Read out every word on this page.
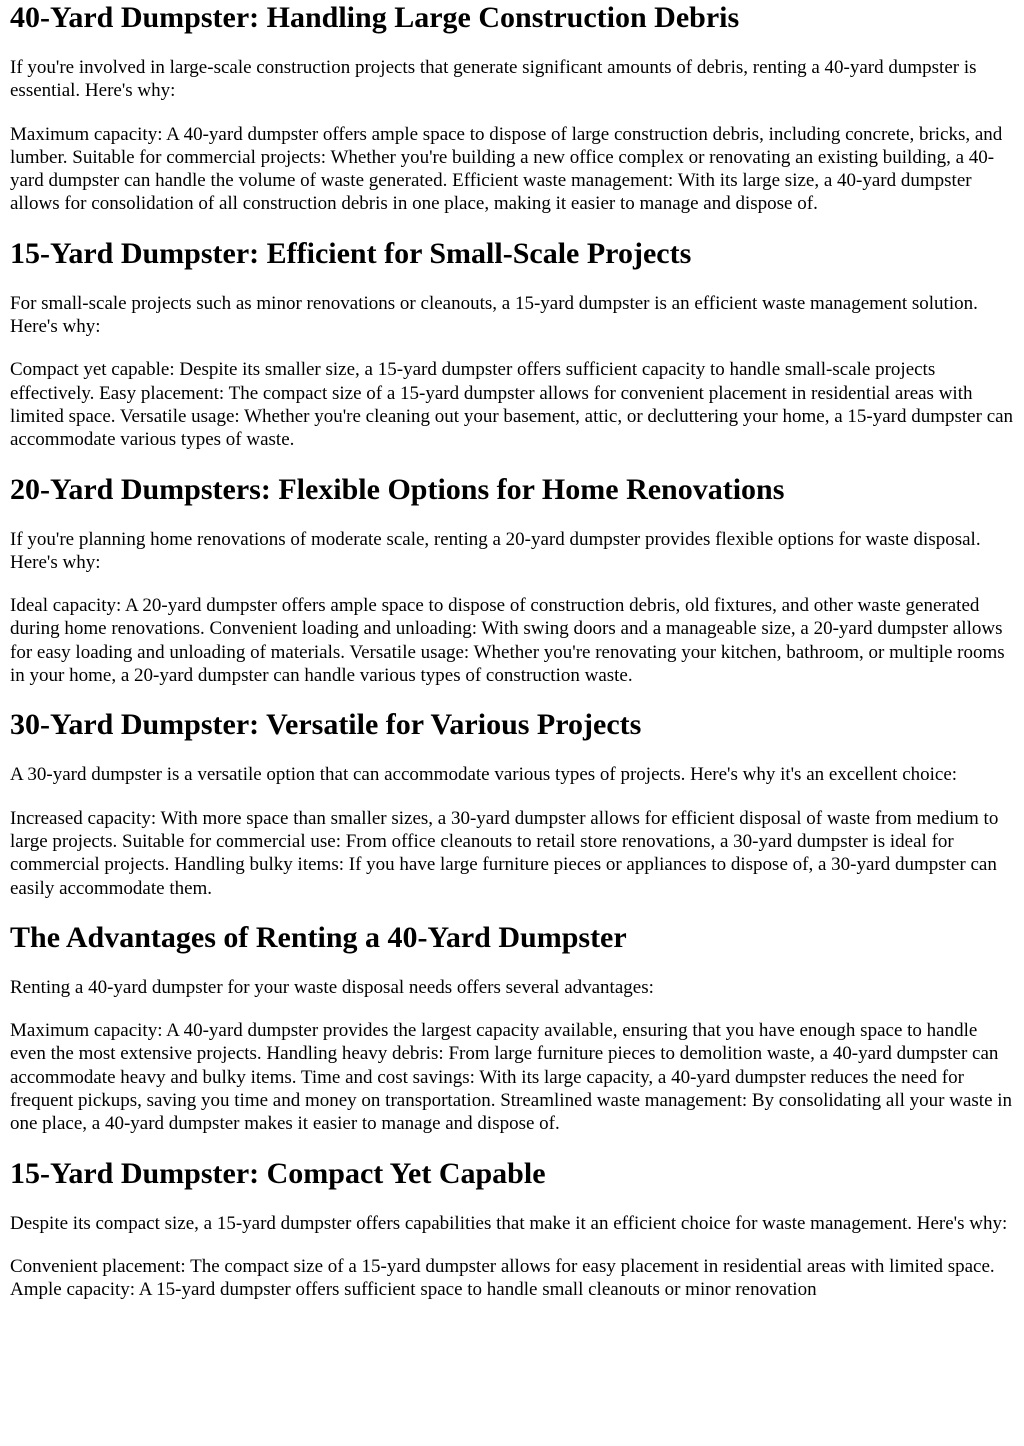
40-Yard Dumpster: Handling Large Construction Debris

If you're involved in large-scale construction projects that generate significant amounts of debris, renting a 40-yard dumpster is essential. Here's why:

Maximum capacity: A 40-yard dumpster offers ample space to dispose of large construction debris, including concrete, bricks, and lumber. Suitable for commercial projects: Whether you're building a new office complex or renovating an existing building, a 40-yard dumpster can handle the volume of waste generated. Efficient waste management: With its large size, a 40-yard dumpster allows for consolidation of all construction debris in one place, making it easier to manage and dispose of.

15-Yard Dumpster: Efficient for Small-Scale Projects

For small-scale projects such as minor renovations or cleanouts, a 15-yard dumpster is an efficient waste management solution. Here's why:

Compact yet capable: Despite its smaller size, a 15-yard dumpster offers sufficient capacity to handle small-scale projects effectively. Easy placement: The compact size of a 15-yard dumpster allows for convenient placement in residential areas with limited space. Versatile usage: Whether you're cleaning out your basement, attic, or decluttering your home, a 15-yard dumpster can accommodate various types of waste.

20-Yard Dumpsters: Flexible Options for Home Renovations

If you're planning home renovations of moderate scale, renting a 20-yard dumpster provides flexible options for waste disposal. Here's why:

Ideal capacity: A 20-yard dumpster offers ample space to dispose of construction debris, old fixtures, and other waste generated during home renovations. Convenient loading and unloading: With swing doors and a manageable size, a 20-yard dumpster allows for easy loading and unloading of materials. Versatile usage: Whether you're renovating your kitchen, bathroom, or multiple rooms in your home, a 20-yard dumpster can handle various types of construction waste.

30-Yard Dumpster: Versatile for Various Projects

A 30-yard dumpster is a versatile option that can accommodate various types of projects. Here's why it's an excellent choice:

Increased capacity: With more space than smaller sizes, a 30-yard dumpster allows for efficient disposal of waste from medium to large projects. Suitable for commercial use: From office cleanouts to retail store renovations, a 30-yard dumpster is ideal for commercial projects. Handling bulky items: If you have large furniture pieces or appliances to dispose of, a 30-yard dumpster can easily accommodate them.

The Advantages of Renting a 40-Yard Dumpster

Renting a 40-yard dumpster for your waste disposal needs offers several advantages:

Maximum capacity: A 40-yard dumpster provides the largest capacity available, ensuring that you have enough space to handle even the most extensive projects. Handling heavy debris: From large furniture pieces to demolition waste, a 40-yard dumpster can accommodate heavy and bulky items. Time and cost savings: With its large capacity, a 40-yard dumpster reduces the need for frequent pickups, saving you time and money on transportation. Streamlined waste management: By consolidating all your waste in one place, a 40-yard dumpster makes it easier to manage and dispose of.

15-Yard Dumpster: Compact Yet Capable

Despite its compact size, a 15-yard dumpster offers capabilities that make it an efficient choice for waste management. Here's why:

Convenient placement: The compact size of a 15-yard dumpster allows for easy placement in residential areas with limited space. Ample capacity: A 15-yard dumpster offers sufficient space to handle small cleanouts or minor renovation
